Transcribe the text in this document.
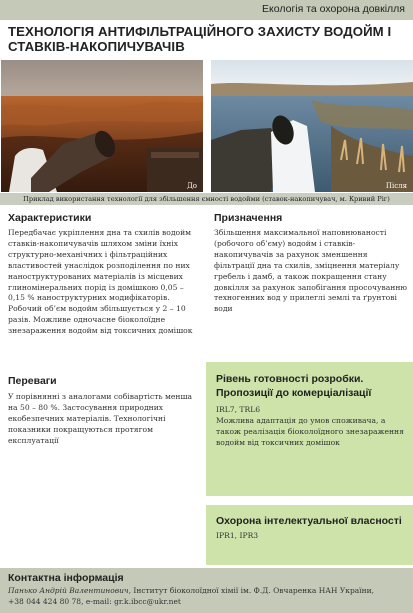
Екологія та охорона довкілля
ТЕХНОЛОГІЯ АНТИФІЛЬТРАЦІЙНОГО ЗАХИСТУ ВОДОЙМ І СТАВКІВ-НАКОПИЧУВАЧІВ
До	Після
Приклад використання технології для збільшення ємності водойми (ставок-накопичувач, м. Кривий Ріг)
Характеристики
Передбачає укріплення дна та схилів водойм ставків-накопичувачів шляхом зміни їхніх структурно-механічних і фільтраційних властивостей унаслідок розподілення по них наноструктурованих матеріалів із місцевих глиномінеральних порід із домішкою 0,05 – 0,15 % наноструктурних модифікаторів. Робочий об’єм водойм збільшується у 2 – 10 разів. Можливе одночасне біоколоїдне знезараження водойм від токсичних домішок
Призначення
Збільшення максимальної наповнюваності (робочого об’єму) водойм і ставків-накопичувачів за рахунок зменшення фільтрації дна та схилів, зміцнення матеріалу гребель і дамб, а також покращення стану довкілля за рахунок запобігання просочуванню техногенних вод у прилеглі землі та ґрунтові води
Переваги
У порівнянні з аналогами собівартість менша на 50 – 80 %. Застосування природних екобезпечних матеріалів. Технологічні показники покращуються протягом експлуатації
Рівень готовності розробки. Пропозиції до комерціалізації
IRL7, TRL6
Можлива адаптація до умов споживача, а також реалізація біоколоїдного знезараження водойм від токсичних домішок
Охорона інтелектуальної власності
IPR1, IPR3
Контактна інформація
Панько Андрій Валентинович, Інститут біоколоїдної хімії ім. Ф.Д. Овчаренка НАН України,
+38 044 424 80 78, e-mail: gr.k.ibcc@ukr.net
